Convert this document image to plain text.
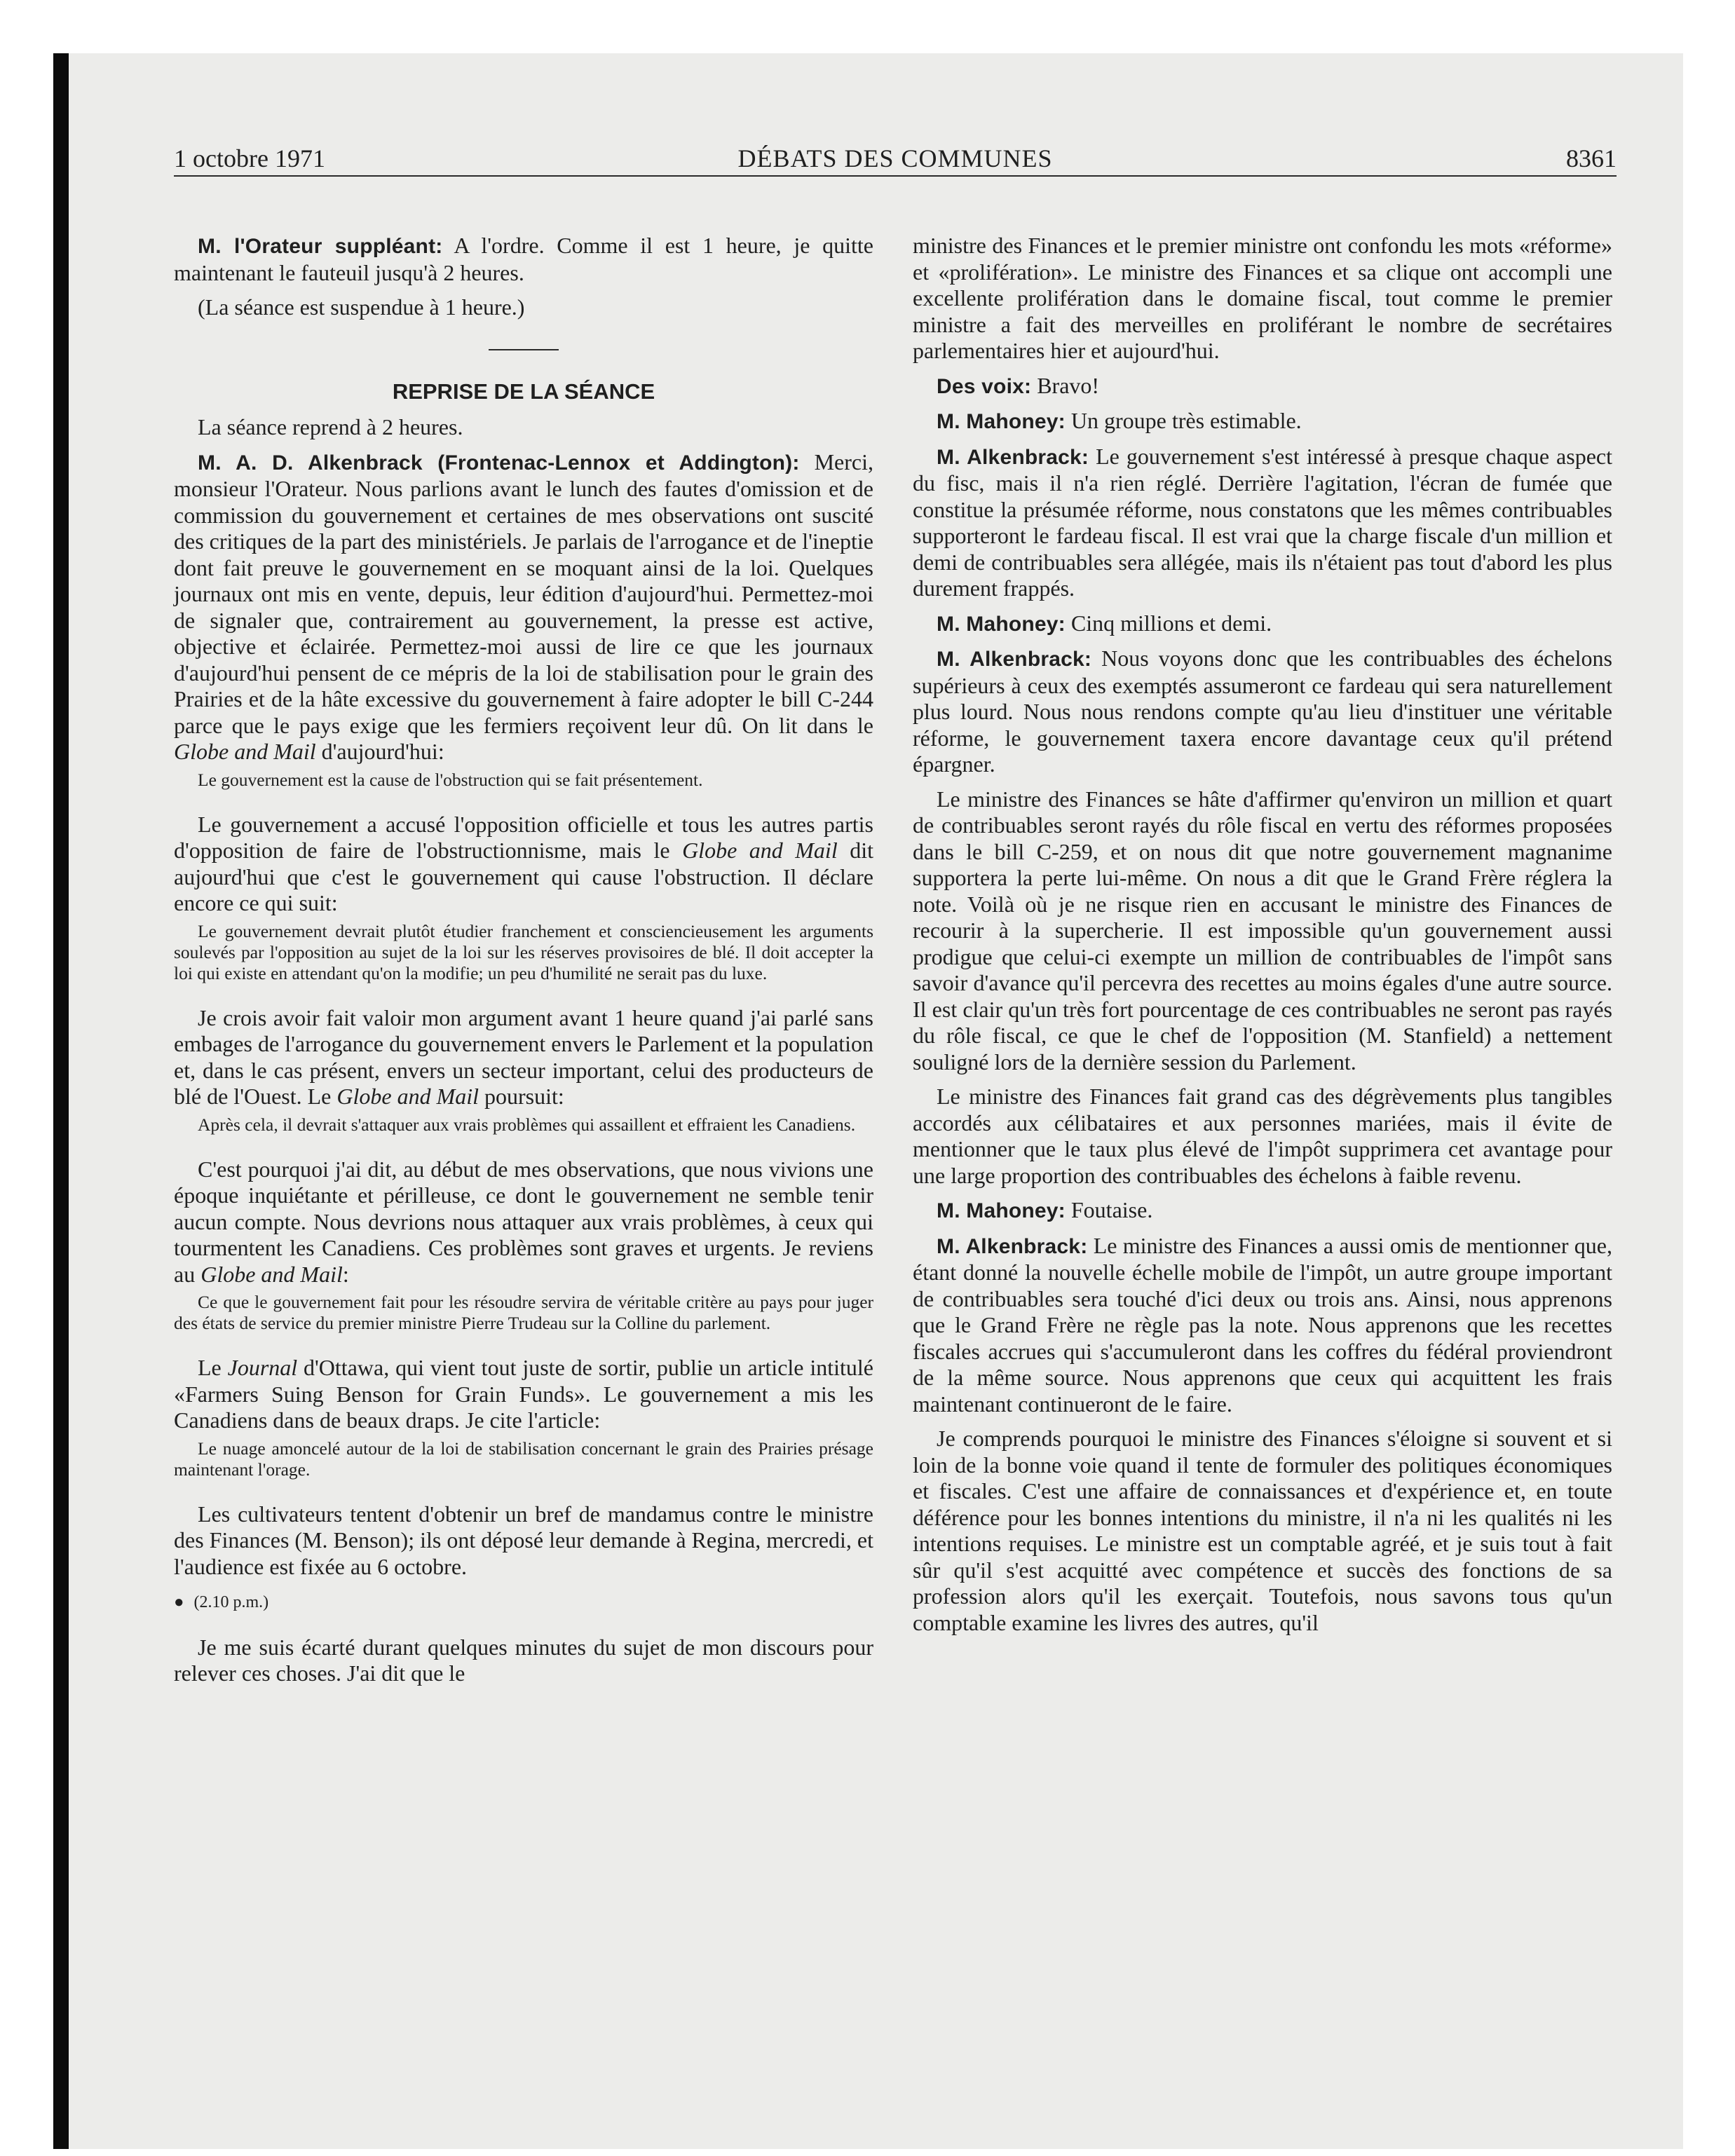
1 octobre 1971	DÉBATS DES COMMUNES	8361

M. l'Orateur suppléant: A l'ordre. Comme il est 1 heure, je quitte maintenant le fauteuil jusqu'à 2 heures.

(La séance est suspendue à 1 heure.)

REPRISE DE LA SÉANCE

La séance reprend à 2 heures.

M. A. D. Alkenbrack (Frontenac-Lennox et Addington): Merci, monsieur l'Orateur. Nous parlions avant le lunch des fautes d'omission et de commission du gouvernement et certaines de mes observations ont suscité des critiques de la part des ministériels. Je parlais de l'arrogance et de l'ineptie dont fait preuve le gouvernement en se moquant ainsi de la loi. Quelques journaux ont mis en vente, depuis, leur édition d'aujourd'hui. Permettez-moi de signaler que, contrairement au gouvernement, la presse est active, objective et éclairée. Permettez-moi aussi de lire ce que les journaux d'aujourd'hui pensent de ce mépris de la loi de stabilisation pour le grain des Prairies et de la hâte excessive du gouvernement à faire adopter le bill C-244 parce que le pays exige que les fermiers reçoivent leur dû. On lit dans le Globe and Mail d'aujourd'hui:

Le gouvernement est la cause de l'obstruction qui se fait présentement.

Le gouvernement a accusé l'opposition officielle et tous les autres partis d'opposition de faire de l'obstructionnisme, mais le Globe and Mail dit aujourd'hui que c'est le gouvernement qui cause l'obstruction. Il déclare encore ce qui suit:

Le gouvernement devrait plutôt étudier franchement et consciencieusement les arguments soulevés par l'opposition au sujet de la loi sur les réserves provisoires de blé. Il doit accepter la loi qui existe en attendant qu'on la modifie; un peu d'humilité ne serait pas du luxe.

Je crois avoir fait valoir mon argument avant 1 heure quand j'ai parlé sans embages de l'arrogance du gouvernement envers le Parlement et la population et, dans le cas présent, envers un secteur important, celui des producteurs de blé de l'Ouest. Le Globe and Mail poursuit:

Après cela, il devrait s'attaquer aux vrais problèmes qui assaillent et effraient les Canadiens.

C'est pourquoi j'ai dit, au début de mes observations, que nous vivions une époque inquiétante et périlleuse, ce dont le gouvernement ne semble tenir aucun compte. Nous devrions nous attaquer aux vrais problèmes, à ceux qui tourmentent les Canadiens. Ces problèmes sont graves et urgents. Je reviens au Globe and Mail:

Ce que le gouvernement fait pour les résoudre servira de véritable critère au pays pour juger des états de service du premier ministre Pierre Trudeau sur la Colline du parlement.

Le Journal d'Ottawa, qui vient tout juste de sortir, publie un article intitulé «Farmers Suing Benson for Grain Funds». Le gouvernement a mis les Canadiens dans de beaux draps. Je cite l'article:

Le nuage amoncelé autour de la loi de stabilisation concernant le grain des Prairies présage maintenant l'orage.

Les cultivateurs tentent d'obtenir un bref de mandamus contre le ministre des Finances (M. Benson); ils ont déposé leur demande à Regina, mercredi, et l'audience est fixée au 6 octobre.

● (2.10 p.m.)

Je me suis écarté durant quelques minutes du sujet de mon discours pour relever ces choses. J'ai dit que le

ministre des Finances et le premier ministre ont confondu les mots «réforme» et «prolifération». Le ministre des Finances et sa clique ont accompli une excellente prolifération dans le domaine fiscal, tout comme le premier ministre a fait des merveilles en proliférant le nombre de secrétaires parlementaires hier et aujourd'hui.

Des voix: Bravo!

M. Mahoney: Un groupe très estimable.

M. Alkenbrack: Le gouvernement s'est intéressé à presque chaque aspect du fisc, mais il n'a rien réglé. Derrière l'agitation, l'écran de fumée que constitue la présumée réforme, nous constatons que les mêmes contribuables supporteront le fardeau fiscal. Il est vrai que la charge fiscale d'un million et demi de contribuables sera allégée, mais ils n'étaient pas tout d'abord les plus durement frappés.

M. Mahoney: Cinq millions et demi.

M. Alkenbrack: Nous voyons donc que les contribuables des échelons supérieurs à ceux des exemptés assumeront ce fardeau qui sera naturellement plus lourd. Nous nous rendons compte qu'au lieu d'instituer une véritable réforme, le gouvernement taxera encore davantage ceux qu'il prétend épargner.

Le ministre des Finances se hâte d'affirmer qu'environ un million et quart de contribuables seront rayés du rôle fiscal en vertu des réformes proposées dans le bill C-259, et on nous dit que notre gouvernement magnanime supportera la perte lui-même. On nous a dit que le Grand Frère réglera la note. Voilà où je ne risque rien en accusant le ministre des Finances de recourir à la supercherie. Il est impossible qu'un gouvernement aussi prodigue que celui-ci exempte un million de contribuables de l'impôt sans savoir d'avance qu'il percevra des recettes au moins égales d'une autre source. Il est clair qu'un très fort pourcentage de ces contribuables ne seront pas rayés du rôle fiscal, ce que le chef de l'opposition (M. Stanfield) a nettement souligné lors de la dernière session du Parlement.

Le ministre des Finances fait grand cas des dégrèvements plus tangibles accordés aux célibataires et aux personnes mariées, mais il évite de mentionner que le taux plus élevé de l'impôt supprimera cet avantage pour une large proportion des contribuables des échelons à faible revenu.

M. Mahoney: Foutaise.

M. Alkenbrack: Le ministre des Finances a aussi omis de mentionner que, étant donné la nouvelle échelle mobile de l'impôt, un autre groupe important de contribuables sera touché d'ici deux ou trois ans. Ainsi, nous apprenons que le Grand Frère ne règle pas la note. Nous apprenons que les recettes fiscales accrues qui s'accumuleront dans les coffres du fédéral proviendront de la même source. Nous apprenons que ceux qui acquittent les frais maintenant continueront de le faire.

Je comprends pourquoi le ministre des Finances s'éloigne si souvent et si loin de la bonne voie quand il tente de formuler des politiques économiques et fiscales. C'est une affaire de connaissances et d'expérience et, en toute déférence pour les bonnes intentions du ministre, il n'a ni les qualités ni les intentions requises. Le ministre est un comptable agréé, et je suis tout à fait sûr qu'il s'est acquitté avec compétence et succès des fonctions de sa profession alors qu'il les exerçait. Toutefois, nous savons tous qu'un comptable examine les livres des autres, qu'il
